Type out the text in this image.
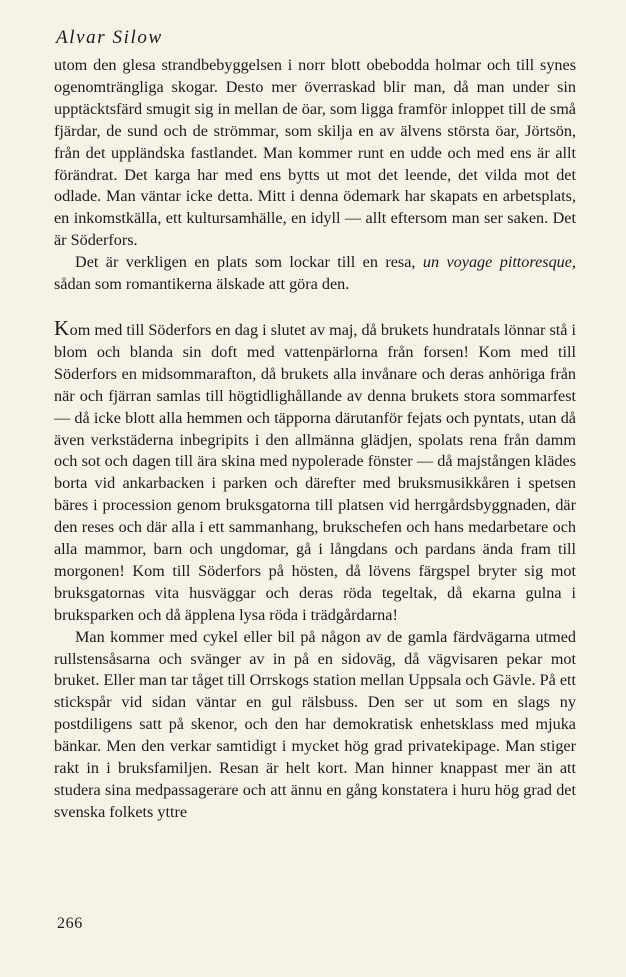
Alvar Silow

utom den glesa strandbebyggelsen i norr blott obebodda holmar och till synes ogenomträngliga skogar. Desto mer överraskad blir man, då man under sin upptäcktsfärd smugit sig in mellan de öar, som ligga framför inloppet till de små fjärdar, de sund och de strömmar, som skilja en av älvens största öar, Jörtsön, från det uppländska fastlandet. Man kommer runt en udde och med ens är allt förändrat. Det karga har med ens bytts ut mot det leende, det vilda mot det odlade. Man väntar icke detta. Mitt i denna ödemark har skapats en arbetsplats, en inkomstkälla, ett kultursamhälle, en idyll — allt eftersom man ser saken. Det är Söderfors.

Det är verkligen en plats som lockar till en resa, un voyage pittoresque, sådan som romantikerna älskade att göra den.

Kom med till Söderfors en dag i slutet av maj, då brukets hundratals lönnar stå i blom och blanda sin doft med vattenpärlorna från forsen! Kom med till Söderfors en midsommarafton, då brukets alla invånare och deras anhöriga från när och fjärran samlas till högtidlighållande av denna brukets stora sommarfest — då icke blott alla hemmen och täpporna därutanför fejats och pyntats, utan då även verkstäderna inbegripits i den allmänna glädjen, spolats rena från damm och sot och dagen till ära skina med nypolerade fönster — då majstången klädes borta vid ankarbacken i parken och därefter med bruksmusikkåren i spetsen bäres i procession genom bruksgatorna till platsen vid herrgårdsbyggnaden, där den reses och där alla i ett sammanhang, brukschefen och hans medarbetare och alla mammor, barn och ungdomar, gå i långdans och pardans ända fram till morgonen! Kom till Söderfors på hösten, då lövens färgspel bryter sig mot bruksgatornas vita husväggar och deras röda tegeltak, då ekarna gulna i bruksparken och då äpplena lysa röda i trädgårdarna!

Man kommer med cykel eller bil på någon av de gamla färdvägarna utmed rullstensåsarna och svänger av in på en sidoväg, då vägvisaren pekar mot bruket. Eller man tar tåget till Orrskogs station mellan Uppsala och Gävle. På ett stickspår vid sidan väntar en gul rälsbuss. Den ser ut som en slags ny postdiligens satt på skenor, och den har demokratisk enhetsklass med mjuka bänkar. Men den verkar samtidigt i mycket hög grad privatekipage. Man stiger rakt in i bruksfamiljen. Resan är helt kort. Man hinner knappast mer än att studera sina medpassagerare och att ännu en gång konstatera i huru hög grad det svenska folkets yttre

266
